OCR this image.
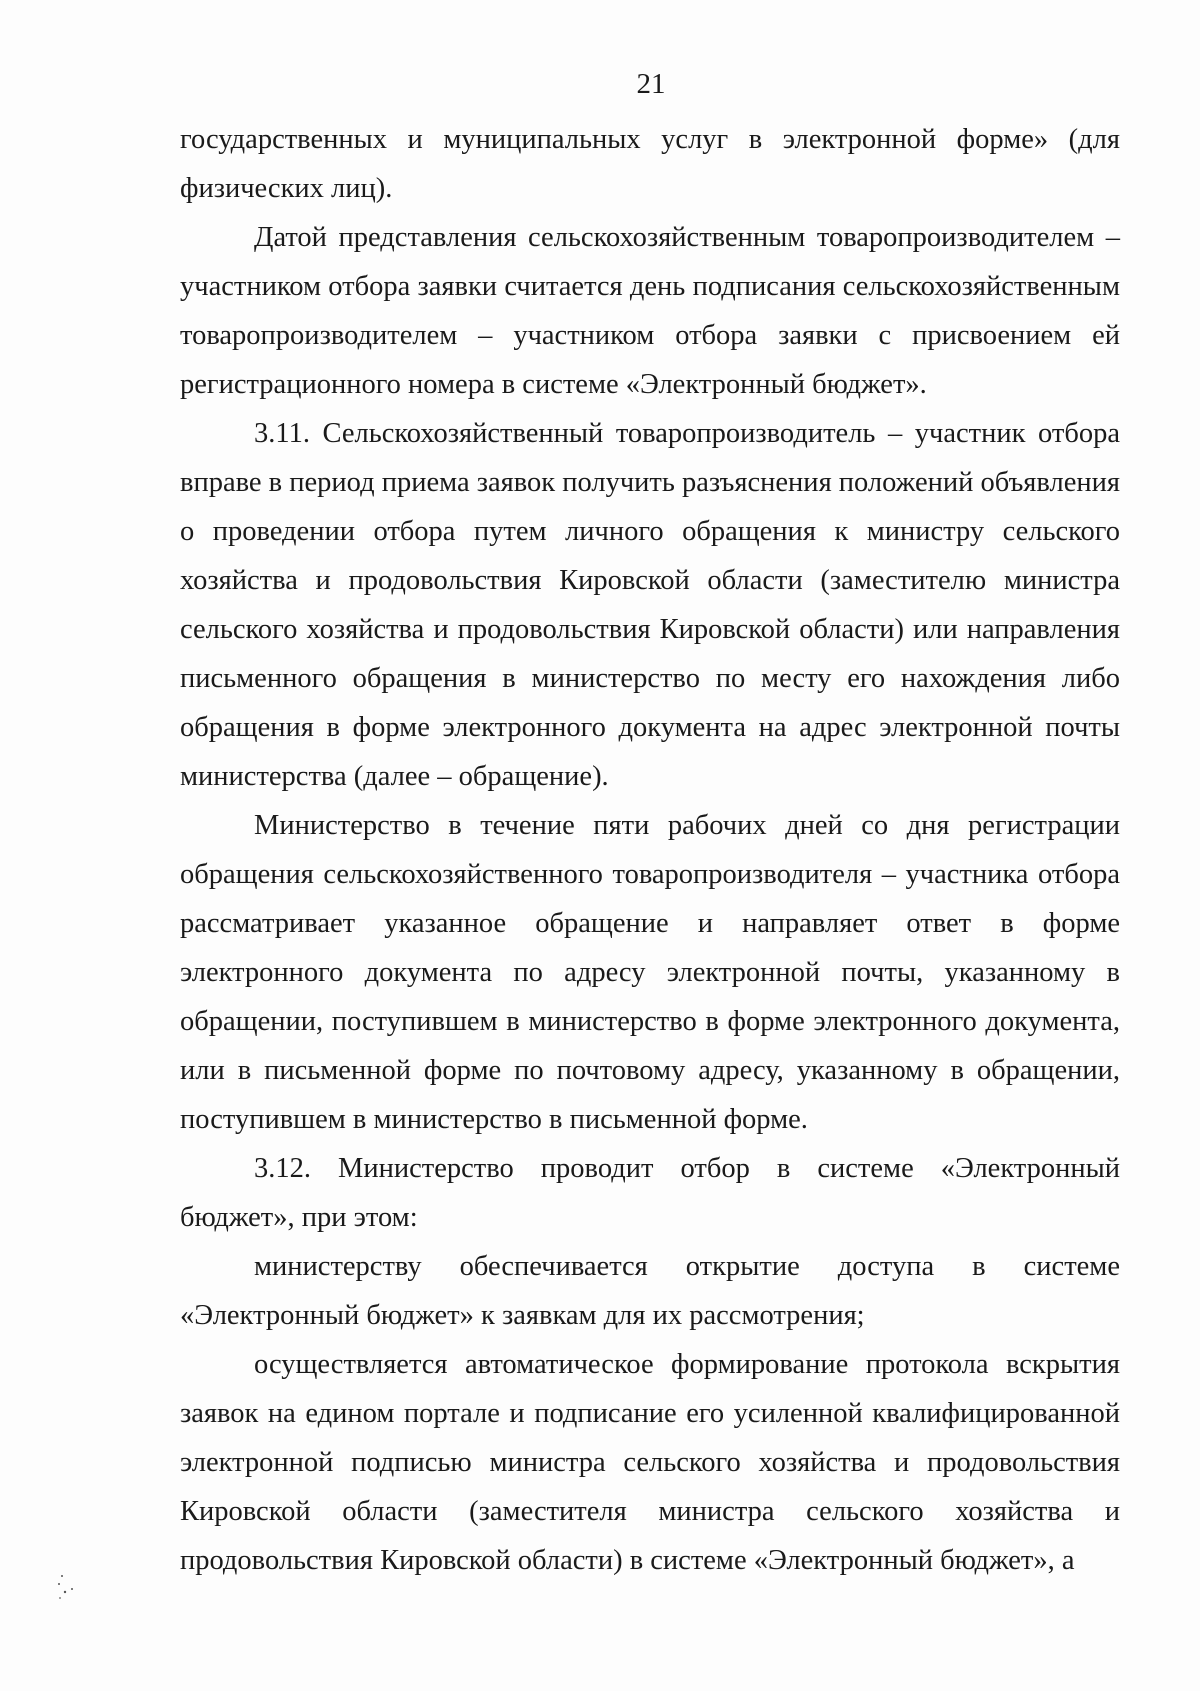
21

государственных и муниципальных услуг в электронной форме» (для физических лиц).

Датой представления сельскохозяйственным товаропроизводителем – участником отбора заявки считается день подписания сельскохозяйственным товаропроизводителем – участником отбора заявки с присвоением ей регистрационного номера в системе «Электронный бюджет».

3.11. Сельскохозяйственный товаропроизводитель – участник отбора вправе в период приема заявок получить разъяснения положений объявления о проведении отбора путем личного обращения к министру сельского хозяйства и продовольствия Кировской области (заместителю министра сельского хозяйства и продовольствия Кировской области) или направления письменного обращения в министерство по месту его нахождения либо обращения в форме электронного документа на адрес электронной почты министерства (далее – обращение).

Министерство в течение пяти рабочих дней со дня регистрации обращения сельскохозяйственного товаропроизводителя – участника отбора рассматривает указанное обращение и направляет ответ в форме электронного документа по адресу электронной почты, указанному в обращении, поступившем в министерство в форме электронного документа, или в письменной форме по почтовому адресу, указанному в обращении, поступившем в министерство в письменной форме.

3.12. Министерство проводит отбор в системе «Электронный бюджет», при этом:

министерству обеспечивается открытие доступа в системе «Электронный бюджет» к заявкам для их рассмотрения;

осуществляется автоматическое формирование протокола вскрытия заявок на едином портале и подписание его усиленной квалифицированной электронной подписью министра сельского хозяйства и продовольствия Кировской области (заместителя министра сельского хозяйства и продовольствия Кировской области) в системе «Электронный бюджет», а
